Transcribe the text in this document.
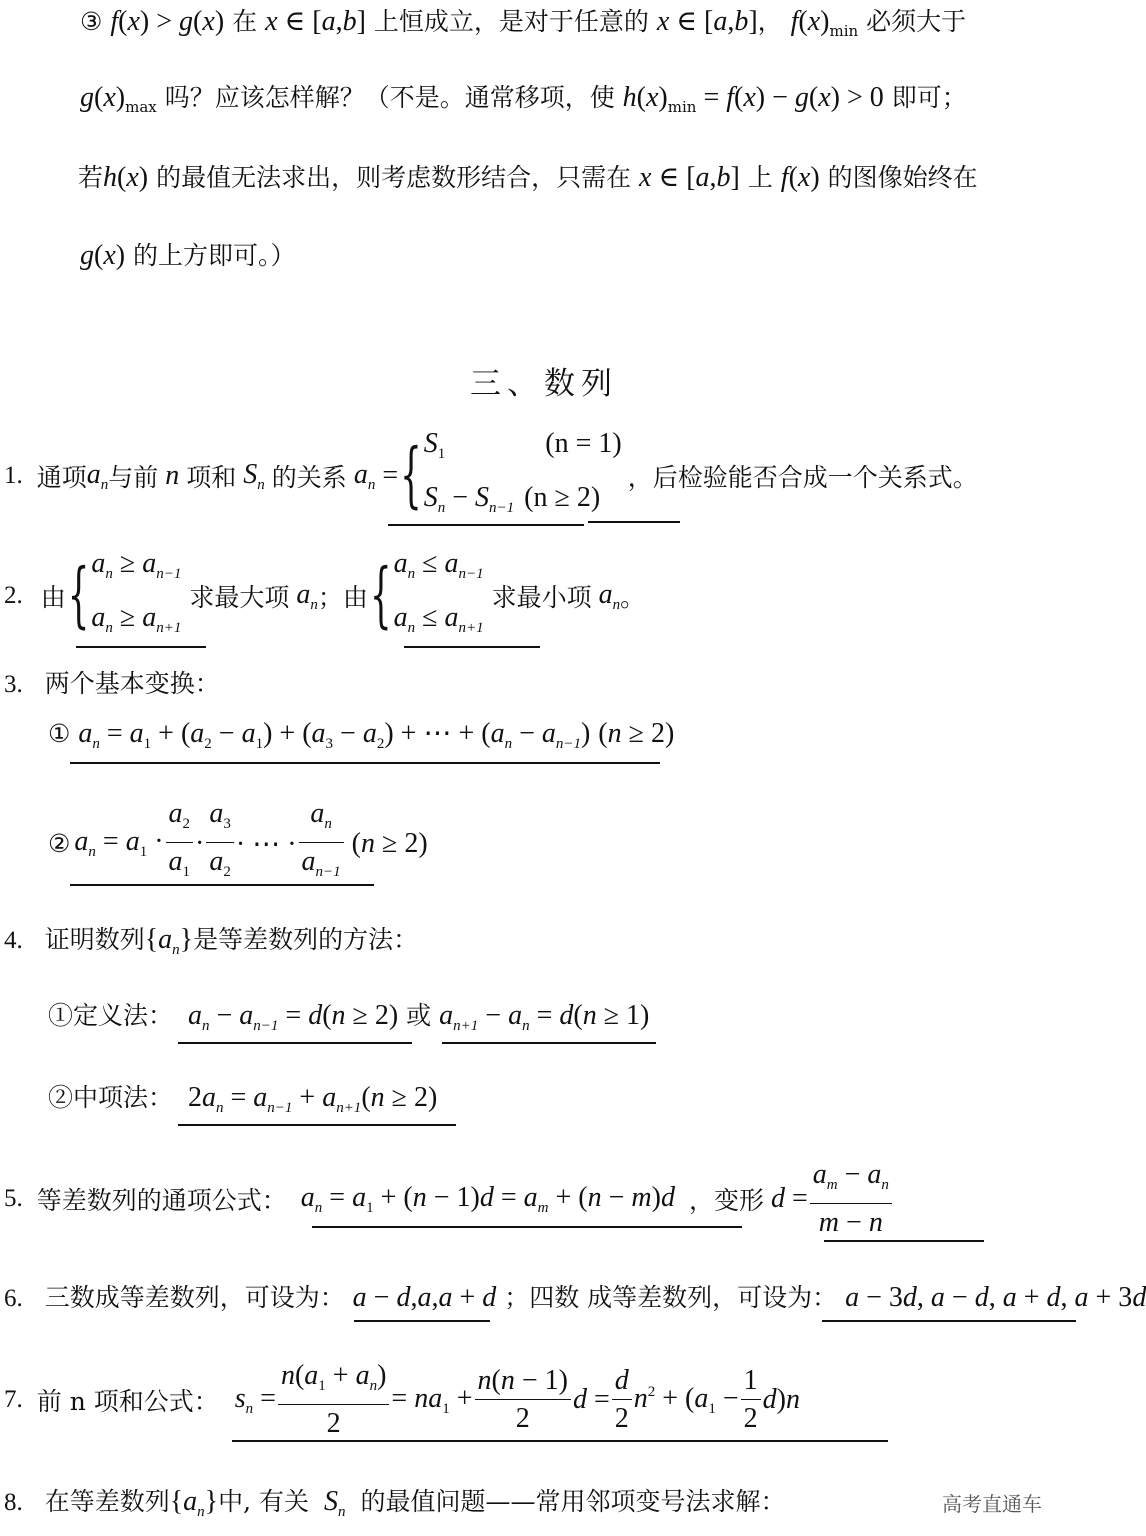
③ f(x) > g(x) 在 x ∈ [a,b] 上恒成立，是对于任意的 x ∈ [a,b]， $f(x)_{min}$ 必须大于
$g(x)_{max}$ 吗？应该怎样解？（不是。通常移项，使 $h(x)_{min} = f(x) - g(x) > 0$ 即可；
若h(x) 的最值无法求出，则考虑数形结合，只需在 x ∈ [a,b] 上 f(x) 的图像始终在
g(x) 的上方即可。）
三、数列
1. 通项 $a_n$ 与前 n 项和 $S_n$ 的关系 $a_n$ = { $S_1$	(n = 1)
$S_n - S_{n-1}$ (n ≥ 2)
，后检验能否合成一个关系式。
2. 由 { $a_n \ge a_{n-1}$
$a_n \ge a_{n+1}$
求最大项 $a_n$ ；由 { $a_n \le a_{n-1}$
$a_n \le a_{n+1}$
求最小项 $a_n$ 。
3. 两个基本变换：
① $a_n = a_1 + (a_2 - a_1) + (a_3 - a_2)$ + ⋯ + $(a_n - a_{n-1}) (n \ge 2)$
② $a_n = a_1 \cdot \frac{a_2}{a_1} \cdot \frac{a_3}{a_2}$ · ⋯ · $\frac{a_n}{a_{n-1}} (n \ge 2)$
4. 证明数列$\{a_n\}$是等差数列的方法：
①定义法：  $a_n - a_{n-1} = d(n \ge 2)$ 或 $a_{n+1} - a_n = d(n \ge 1)$
②中项法： $2a_n = a_{n-1} + a_{n+1}(n \ge 2)$
5. 等差数列的通项公式： $a_n = a_1 + (n - 1)d = a_m + (n - m)d$ ，变形 $d = \frac{a_m - a_n}{m - n}$
6. 三数成等差数列，可设为： a − d,a,a + d ；四数 成等差数列，可设为： a − 3d, a − d, a + d, a + 3d
7. 前 n 项和公式： $s_n = \frac{n(a_1 + a_n)}{2} = na_1 + \frac{n(n - 1)}{2}$ $d = \frac{d}{2} n^2 + (a_1 - \frac{1}{2} d)n$
8. 在等差数列$\{a_n\}$中, 有关  $S_n$ 的最值问题——常用邻项变号法求解：	高考直通车
